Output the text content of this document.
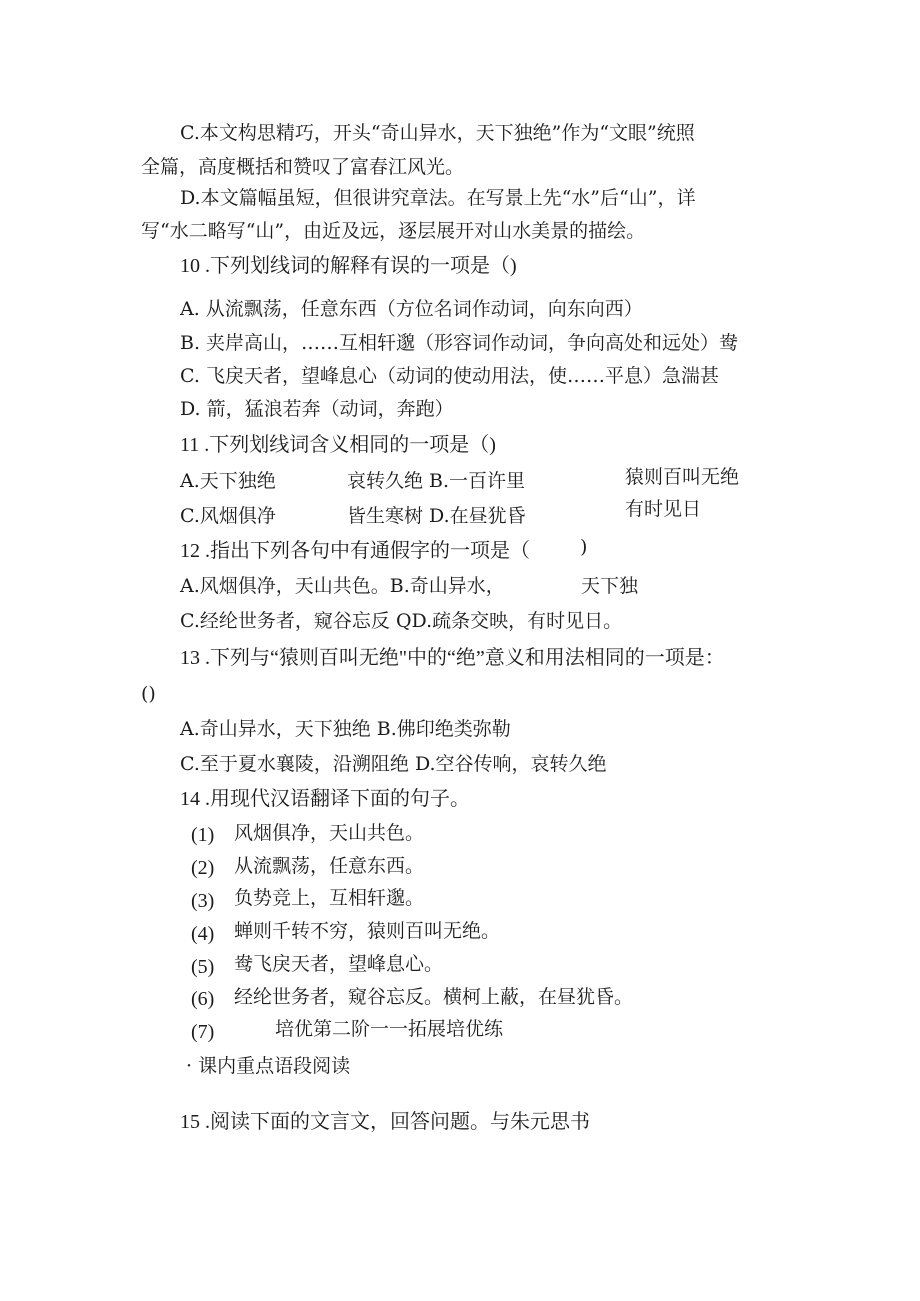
C.本文构思精巧，开头“奇山异水，天下独绝”作为“文眼”统照
全篇，高度概括和赞叹了富春江风光。
D.本文篇幅虽短，但很讲究章法。在写景上先“水”后“山”，详
写“水二略写“山”，由近及远，逐层展开对山水美景的描绘。
10 .下列划线词的解释有误的一项是（)
A. 从流飘荡，任意东西（方位名词作动词，向东向西）
B. 夹岸高山，……互相轩邈（形容词作动词，争向高处和远处）鸯
C. 飞戾天者，望峰息心（动词的使动用法，使……平息）急湍甚
D. 箭，猛浪若奔（动词，奔跑）
11 .下列划线词含义相同的一项是（)
A.天下独绝	哀转久绝 B.一百许里	猿则百叫无绝
C.风烟俱净	皆生寒树 D.在昼犹昏	有时见日
12 .指出下列各句中有通假字的一项是（	)
A.风烟俱净，天山共色。B.奇山异水，	天下独
C.经纶世务者，窥谷忘反 QD.疏条交映，有时见日。
13 .下列与“猿则百叫无绝"中的“绝”意义和用法相同的一项是：
()
A.奇山异水，天下独绝 B.佛印绝类弥勒
C.至于夏水襄陵，沿溯阻绝 D.空谷传响，哀转久绝
14 .用现代汉语翻译下面的句子。
(1) 风烟俱净，天山共色。
(2) 从流飘荡，任意东西。
(3) 负势竞上，互相轩邈。
(4) 蝉则千转不穷，猿则百叫无绝。
(5) 鸯飞戾天者，望峰息心。
(6) 经纶世务者，窥谷忘反。横柯上蔽，在昼犹昏。
(7)	培优第二阶一一拓展培优练
· 课内重点语段阅读
15 .阅读下面的文言文，回答问题。与朱元思书
